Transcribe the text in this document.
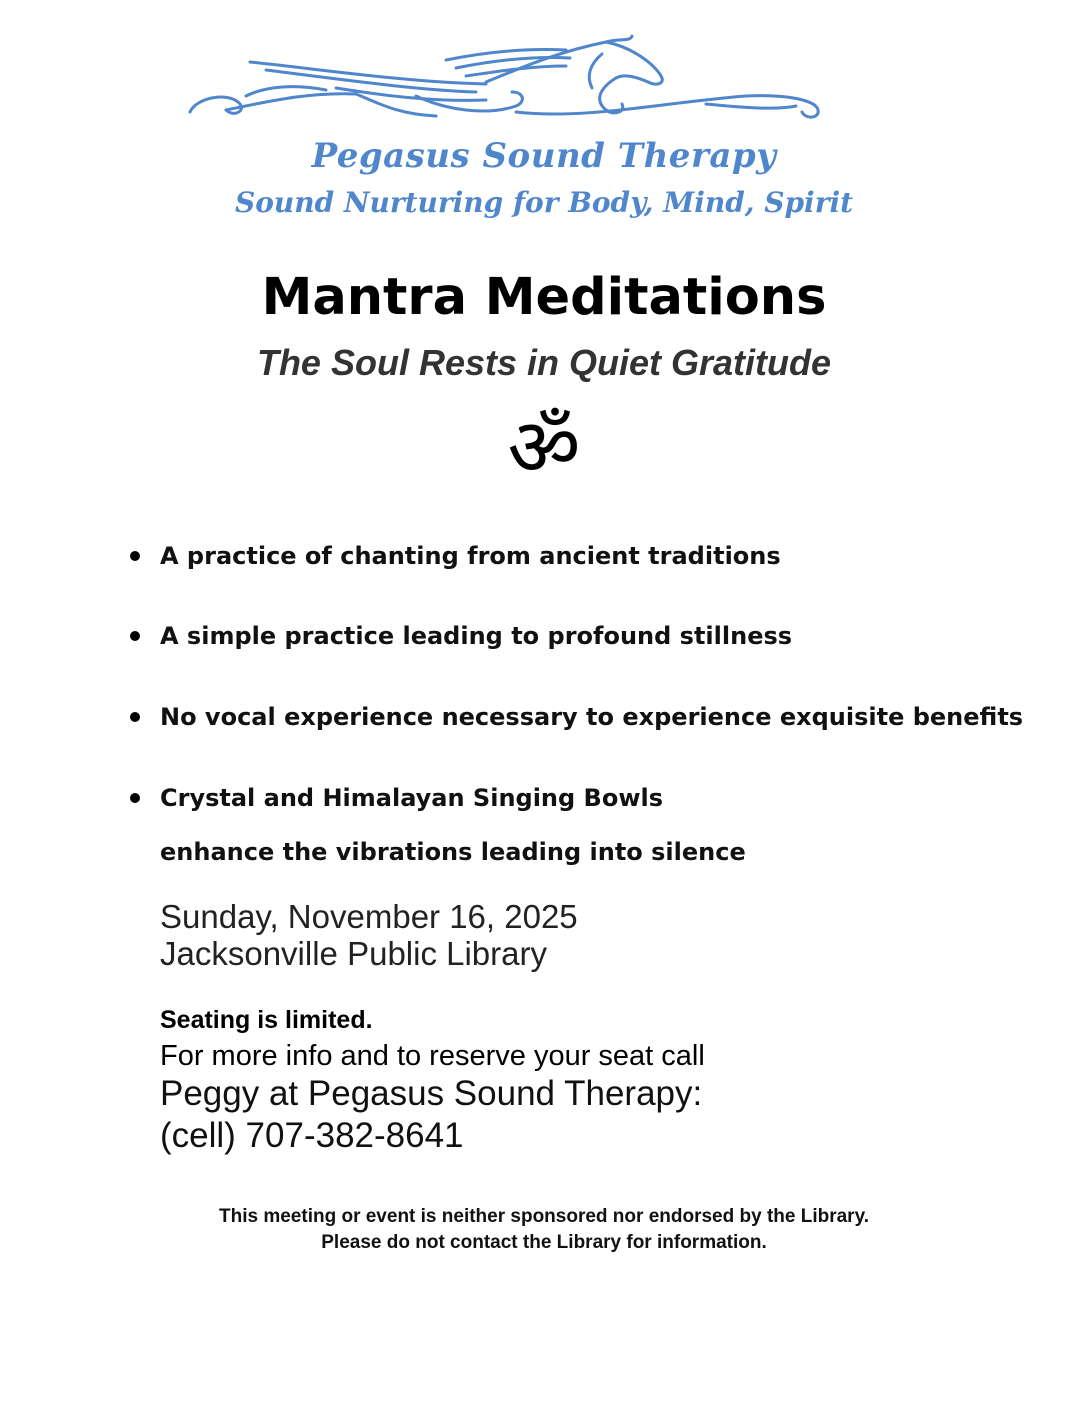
Pegasus Sound Therapy
Sound Nurturing for Body, Mind, Spirit
Mantra Meditations
The Soul Rests in Quiet Gratitude
ॐ
A practice of chanting from ancient traditions
A simple practice leading to profound stillness
No vocal experience necessary to experience exquisite benefits
Crystal and Himalayan Singing Bowls
enhance the vibrations leading into silence
Sunday, November 16, 2025
Jacksonville Public Library
Seating is limited.
For more info and to reserve your seat call
Peggy at Pegasus Sound Therapy:
(cell) 707-382-8641
This meeting or event is neither sponsored nor endorsed by the Library.
Please do not contact the Library for information.
